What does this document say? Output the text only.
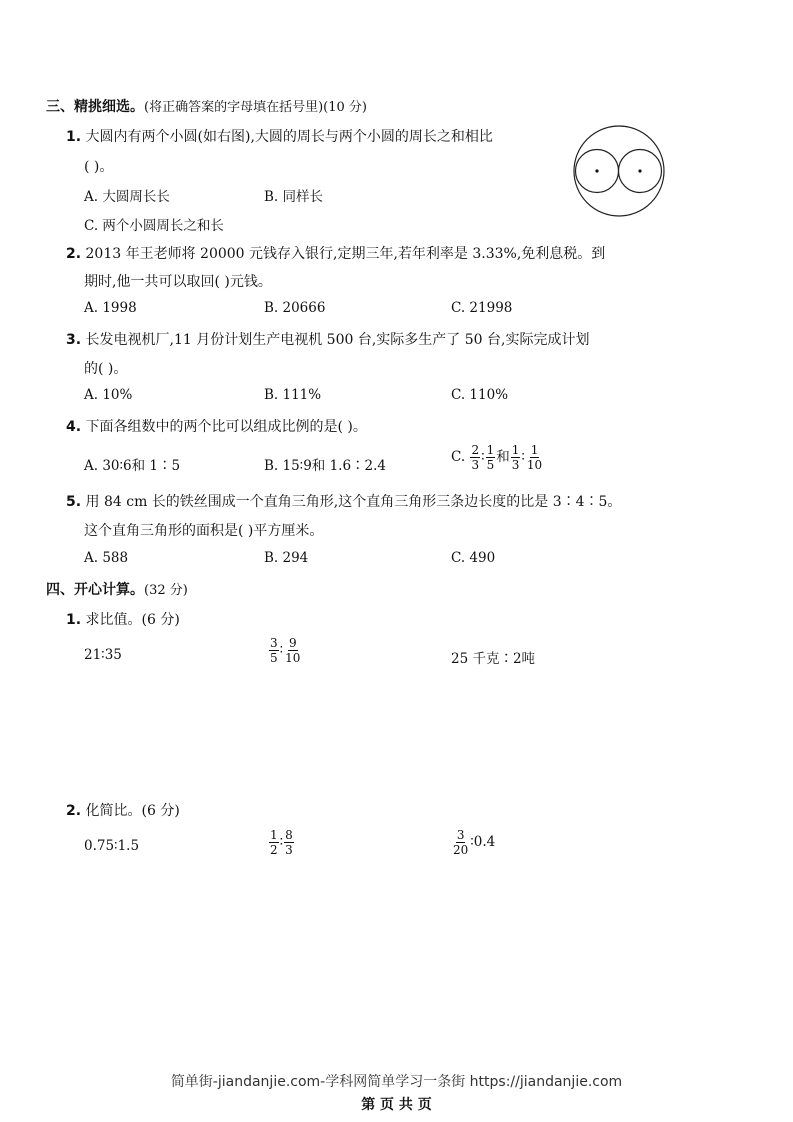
三、精挑细选。(将正确答案的字母填在括号里)(10 分)
1. 大圆内有两个小圆(如右图),大圆的周长与两个小圆的周长之和相比
( )。
A. 大圆周长长	B. 同样长
C. 两个小圆周长之和长
2. 2013 年王老师将 20000 元钱存入银行,定期三年,若年利率是 3.33%,免利息税。到
期时,他一共可以取回( )元钱。
A. 1998	B. 20666	C. 21998
3. 长发电视机厂,11 月份计划生产电视机 500 台,实际多生产了 50 台,实际完成计划
的( )。
A. 10%	B. 111%	C. 110%
4. 下面各组数中的两个比可以组成比例的是( )。
A. 30∶6和 1∶5	B. 15∶9和 1.6∶2.4
C. $\frac{2}{3}$ ∶ $\frac{1}{5}$ 和 $\frac{1}{3}$ ∶ $\frac{1}{10}$
5. 用 84 cm 长的铁丝围成一个直角三角形,这个直角三角形三条边长度的比是 3∶4∶5。
这个直角三角形的面积是( )平方厘米。
A. 588	B. 294	C. 490
四、开心计算。(32 分)
1. 求比值。(6 分)
21∶35	$\frac{3}{5}$ ∶ $\frac{9}{10}$	25 千克∶2吨
2. 化简比。(6 分)
0.75∶1.5	$\frac{1}{2}$ ∶ $\frac{8}{3}$	$\frac{3}{20}$ ∶0.4
简单街-jiandanjie.com-学科网简单学习一条街 https://jiandanjie.com
第 页 共 页
